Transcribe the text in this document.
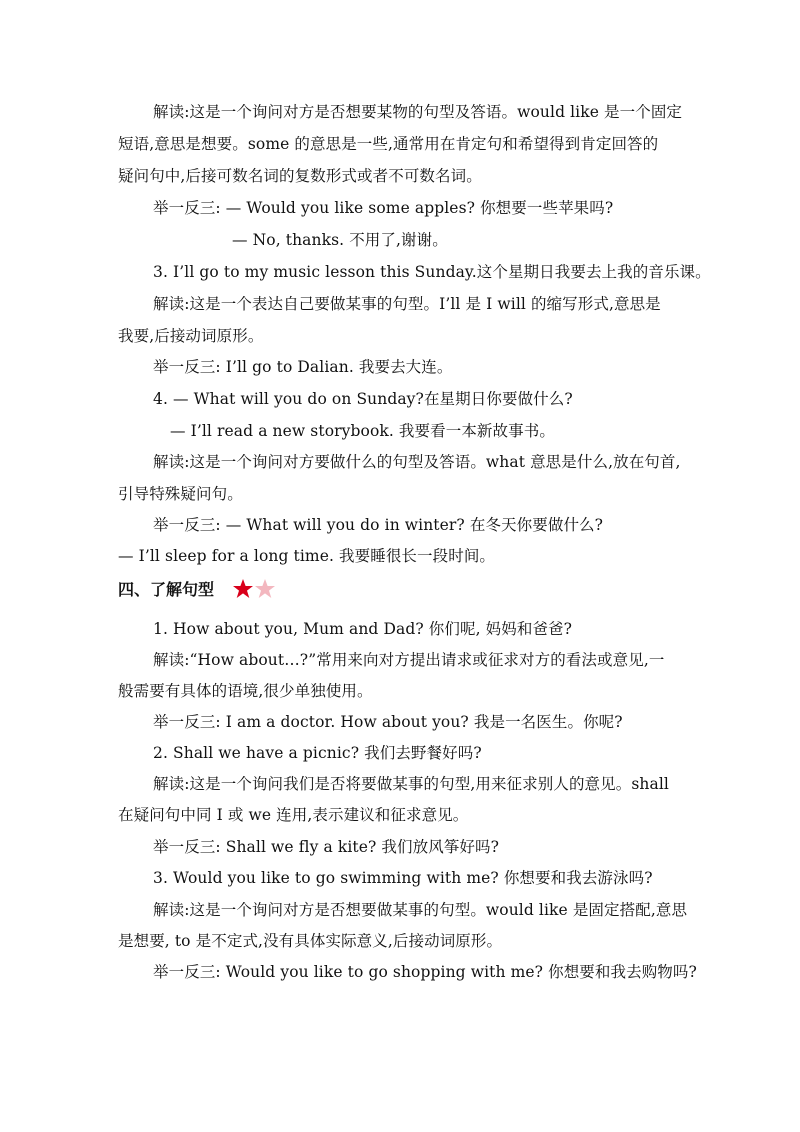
解读:这是一个询问对方是否想要某物的句型及答语。would like 是一个固定
短语,意思是想要。some 的意思是一些,通常用在肯定句和希望得到肯定回答的
疑问句中,后接可数名词的复数形式或者不可数名词。
举一反三: — Would you like some apples? 你想要一些苹果吗?
— No, thanks. 不用了,谢谢。
3. I’ll go to my music lesson this Sunday.这个星期日我要去上我的音乐课。
解读:这是一个表达自己要做某事的句型。I’ll 是 I will 的缩写形式,意思是
我要,后接动词原形。
举一反三: I’ll go to Dalian. 我要去大连。
4. — What will you do on Sunday?在星期日你要做什么?
— I’ll read a new storybook. 我要看一本新故事书。
解读:这是一个询问对方要做什么的句型及答语。what 意思是什么,放在句首,
引导特殊疑问句。
举一反三: — What will you do in winter? 在冬天你要做什么?
— I’ll sleep for a long time. 我要睡很长一段时间。
四、了解句型
1. How about you, Mum and Dad? 你们呢, 妈妈和爸爸?
解读:“How about…?”常用来向对方提出请求或征求对方的看法或意见,一
般需要有具体的语境,很少单独使用。
举一反三: I am a doctor. How about you? 我是一名医生。你呢?
2. Shall we have a picnic? 我们去野餐好吗?
解读:这是一个询问我们是否将要做某事的句型,用来征求别人的意见。shall
在疑问句中同 I 或 we 连用,表示建议和征求意见。
举一反三: Shall we fly a kite? 我们放风筝好吗?
3. Would you like to go swimming with me? 你想要和我去游泳吗?
解读:这是一个询问对方是否想要做某事的句型。would like 是固定搭配,意思
是想要, to 是不定式,没有具体实际意义,后接动词原形。
举一反三: Would you like to go shopping with me? 你想要和我去购物吗?
